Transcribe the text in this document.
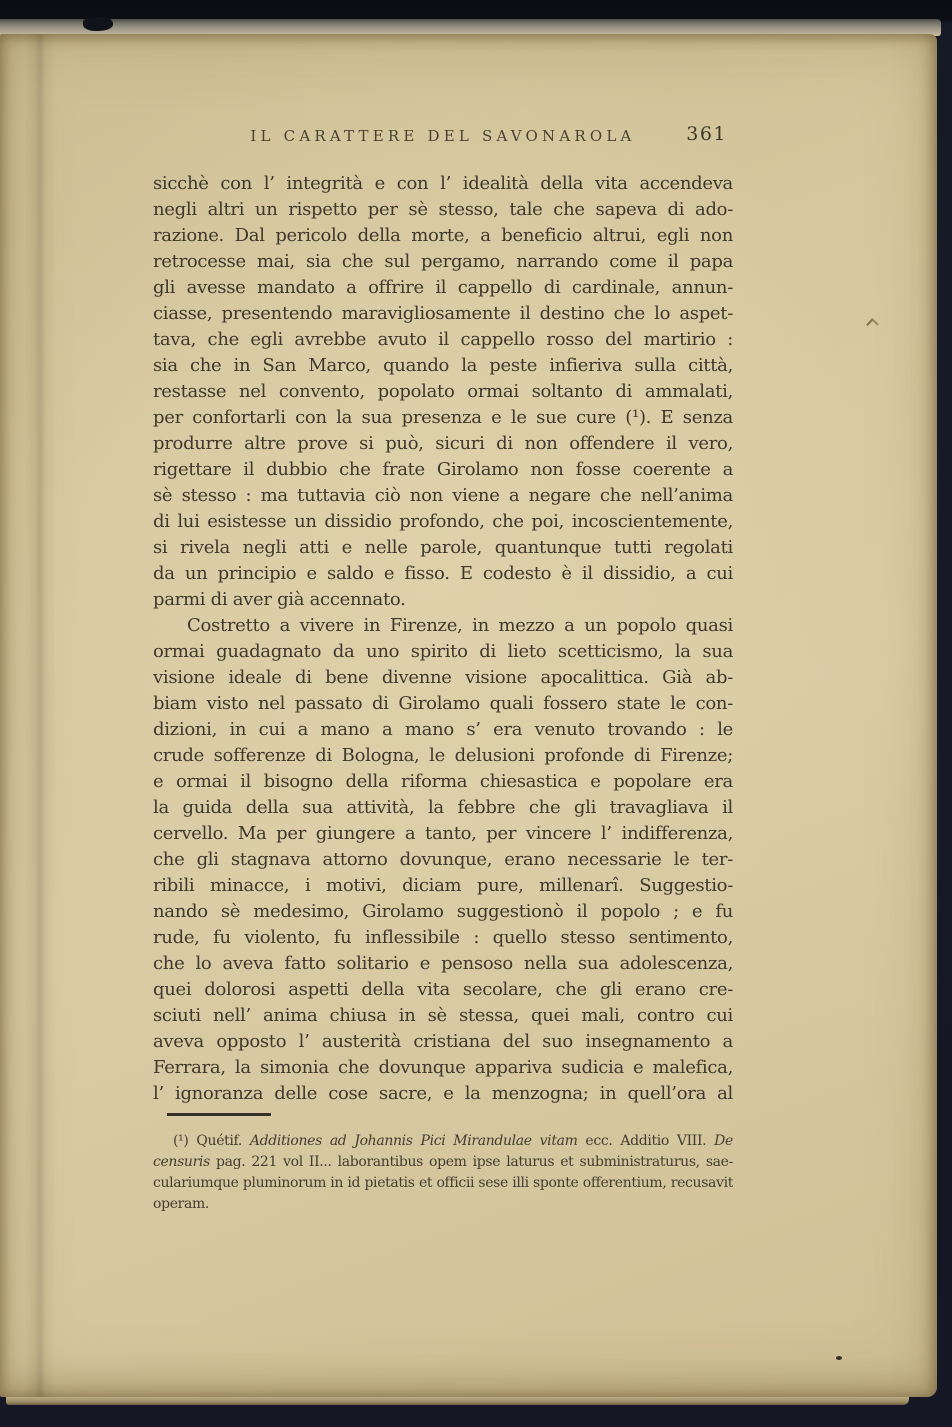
IL CARATTERE DEL SAVONAROLA	361
sicchè con l’ integrità e con l’ idealità della vita accendeva
negli altri un rispetto per sè stesso, tale che sapeva di ado-
razione. Dal pericolo della morte, a beneficio altrui, egli non
retrocesse mai, sia che sul pergamo, narrando come il papa
gli avesse mandato a offrire il cappello di cardinale, annun-
ciasse, presentendo maravigliosamente il destino che lo aspet-
tava, che egli avrebbe avuto il cappello rosso del martirio :
sia che in San Marco, quando la peste infieriva sulla città,
restasse nel convento, popolato ormai soltanto di ammalati,
per confortarli con la sua presenza e le sue cure (¹). E senza
produrre altre prove si può, sicuri di non offendere il vero,
rigettare il dubbio che frate Girolamo non fosse coerente a
sè stesso : ma tuttavia ciò non viene a negare che nell’anima
di lui esistesse un dissidio profondo, che poi, incoscientemente,
si rivela negli atti e nelle parole, quantunque tutti regolati
da un principio e saldo e fisso. E codesto è il dissidio, a cui
parmi di aver già accennato.
Costretto a vivere in Firenze, in mezzo a un popolo quasi
ormai guadagnato da uno spirito di lieto scetticismo, la sua
visione ideale di bene divenne visione apocalittica. Già ab-
biam visto nel passato di Girolamo quali fossero state le con-
dizioni, in cui a mano a mano s’ era venuto trovando : le
crude sofferenze di Bologna, le delusioni profonde di Firenze;
e ormai il bisogno della riforma chiesastica e popolare era
la guida della sua attività, la febbre che gli travagliava il
cervello. Ma per giungere a tanto, per vincere l’ indifferenza,
che gli stagnava attorno dovunque, erano necessarie le ter-
ribili minacce, i motivi, diciam pure, millenarî. Suggestio-
nando sè medesimo, Girolamo suggestionò il popolo ; e fu
rude, fu violento, fu inflessibile : quello stesso sentimento,
che lo aveva fatto solitario e pensoso nella sua adolescenza,
quei dolorosi aspetti della vita secolare, che gli erano cre-
sciuti nell’ anima chiusa in sè stessa, quei mali, contro cui
aveva opposto l’ austerità cristiana del suo insegnamento a
Ferrara, la simonia che dovunque appariva sudicia e malefica,
l’ ignoranza delle cose sacre, e la menzogna; in quell’ora al
(¹) Quétif. Additiones ad Johannis Pici Mirandulae vitam ecc. Additio VIII. De
censuris pag. 221 vol II... laborantibus opem ipse laturus et subministraturus, sae-
culariumque pluminorum in id pietatis et officii sese illi sponte offerentium, recusavit
operam.
